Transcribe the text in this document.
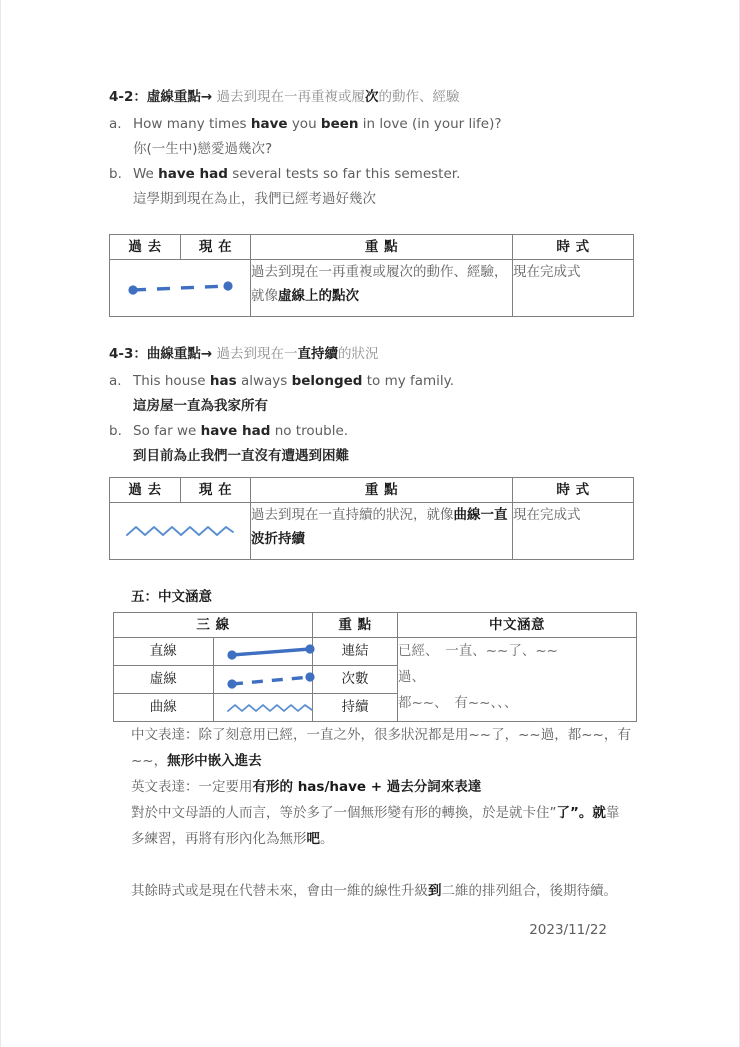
4-2：虛線重點→ 過去到現在一再重複或履次的動作、經驗
a. How many times have you been in love (in your life)?
你(一生中)戀愛過幾次?
b. We have had several tests so far this semester.
這學期到現在為止，我們已經考過好幾次
過 去	現 在	重 點	時 式

	過去到現在一再重複或履次的動作、經驗，就像虛線上的點次	現在完成式
4-3：曲線重點→ 過去到現在一直持續的狀況
a. This house has always belonged to my family.
這房屋一直為我家所有
b. So far we have had no trouble.
到目前為止我們一直沒有遭遇到困難
過 去	現 在	重 點	時 式

	過去到現在一直持續的狀況，就像曲線一直波折持續	現在完成式
五：中文涵意
三 線		重 點	中文涵意
直線		連結	已經、　一直、~~了、~~
過、
都~~、　有~~、、、

虛線		次數	
曲線		持續	
中文表達：除了刻意用已經，一直之外，很多狀況都是用~~了，~~過，都~~，有~~，無形中嵌入進去
英文表達：一定要用有形的 has/have + 過去分詞來表達
對於中文母語的人而言，等於多了一個無形變有形的轉換，於是就卡住”了”。就靠多練習，再將有形內化為無形吧。
其餘時式或是現在代替未來，會由一維的線性升級到二維的排列組合，後期待續。
2023/11/22
